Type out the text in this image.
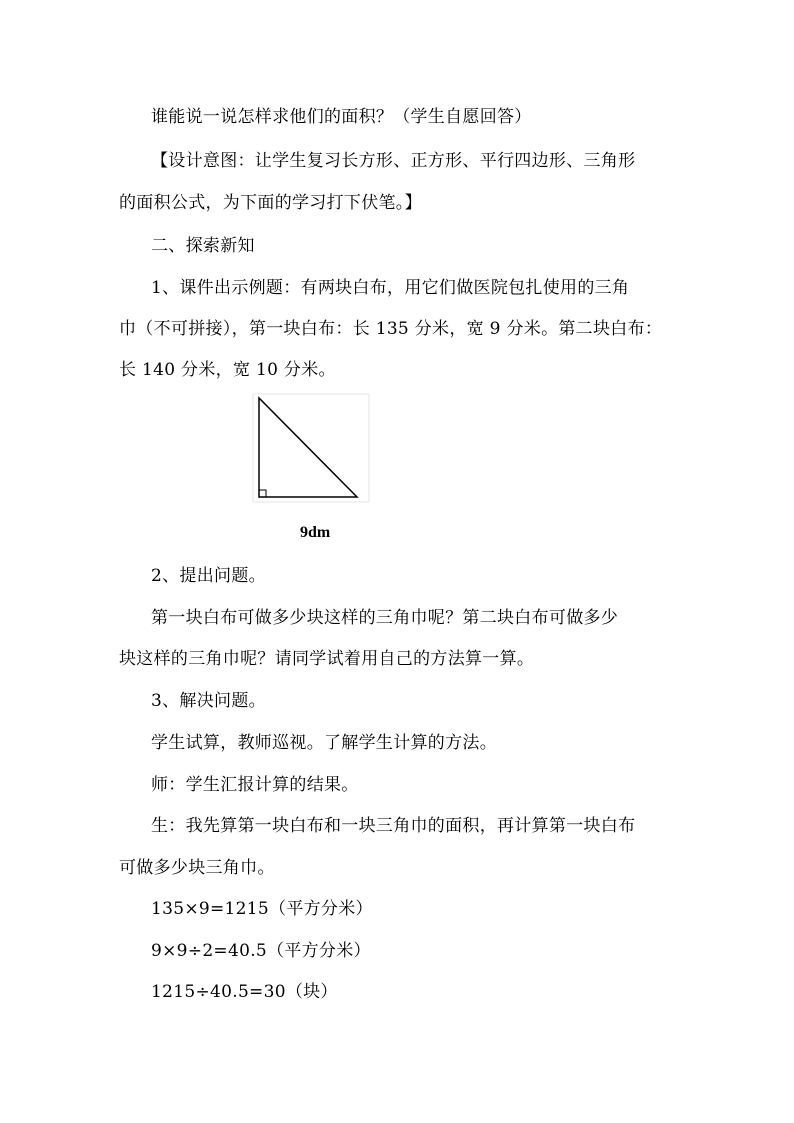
谁能说一说怎样求他们的面积？（学生自愿回答）
【设计意图：让学生复习长方形、正方形、平行四边形、三角形
的面积公式，为下面的学习打下伏笔。】
二、探索新知
1、课件出示例题：有两块白布，用它们做医院包扎使用的三角
巾（不可拼接），第一块白布：长 135 分米，宽 9 分米。第二块白布：
长 140 分米，宽 10 分米。
9dm
2、提出问题。
第一块白布可做多少块这样的三角巾呢？第二块白布可做多少
块这样的三角巾呢？请同学试着用自己的方法算一算。
3、解决问题。
学生试算，教师巡视。了解学生计算的方法。
师：学生汇报计算的结果。
生：我先算第一块白布和一块三角巾的面积，再计算第一块白布
可做多少块三角巾。
135×9=1215（平方分米）
9×9÷2=40.5（平方分米）
1215÷40.5=30（块）
